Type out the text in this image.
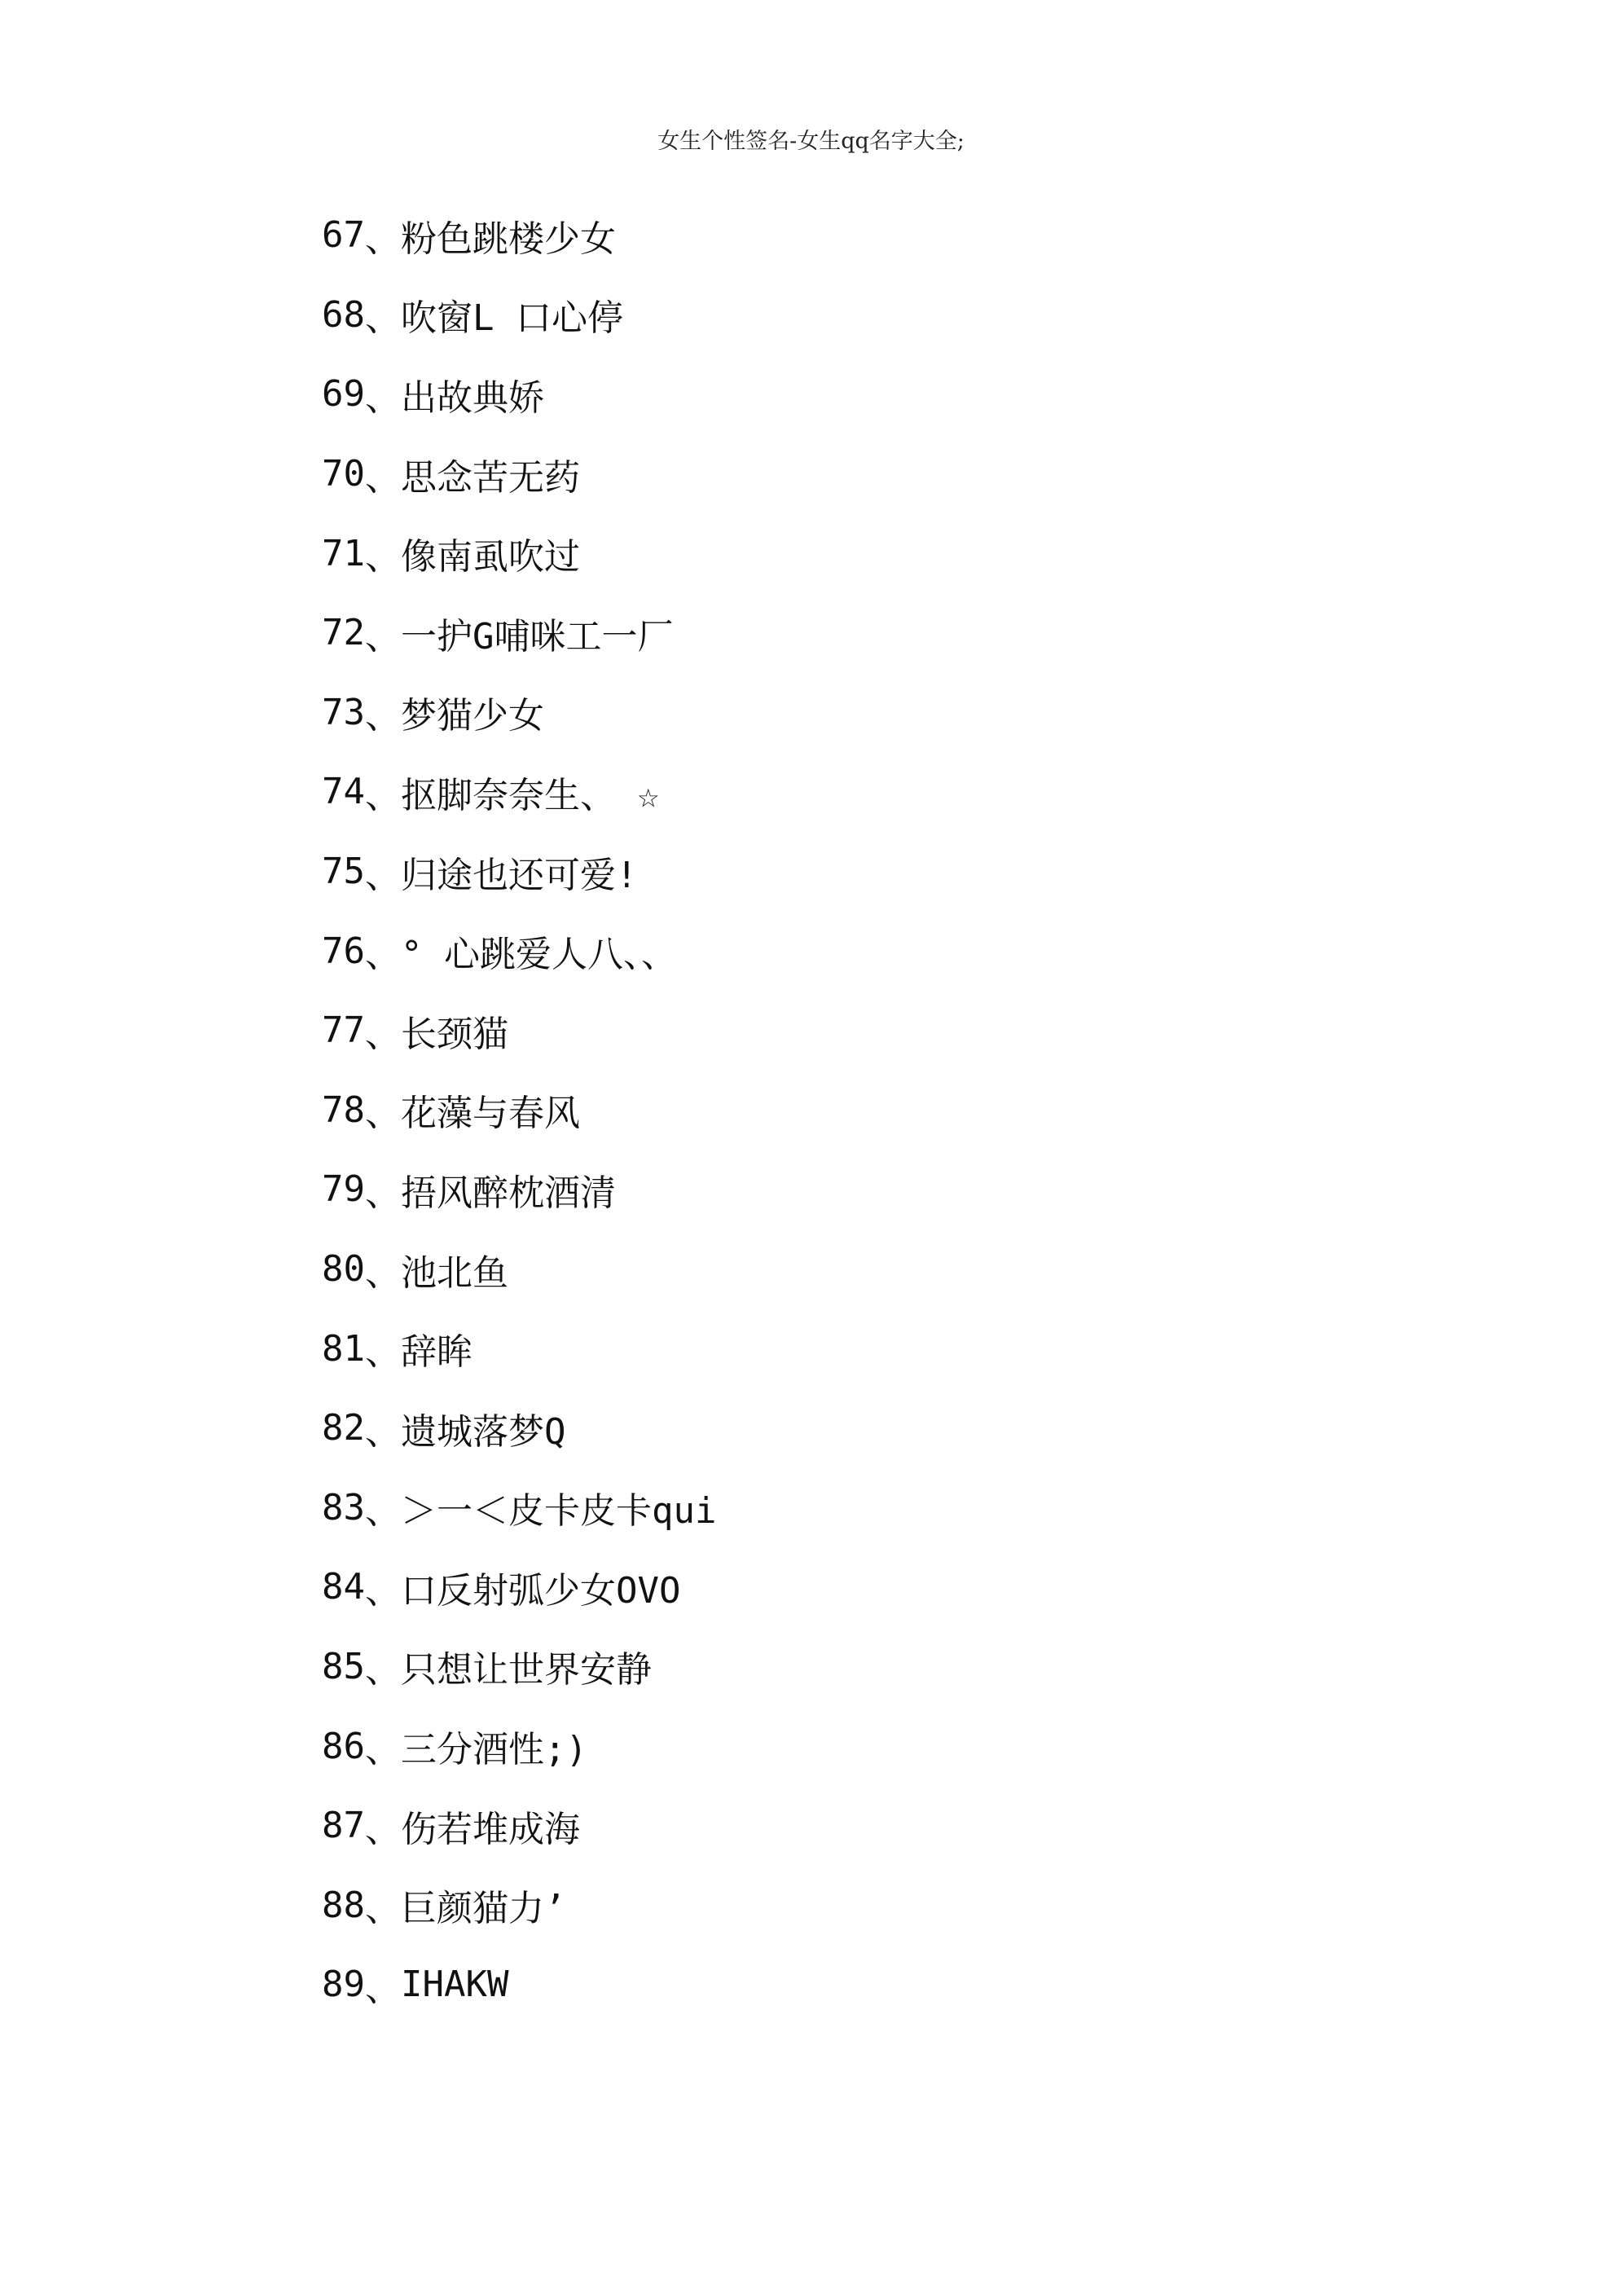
女生个性签名-女生qq名字大全;
67 、 粉色跳楼少女
68 、 吹窗L 口心停
69 、 出故典娇
70 、 思念苦无药
71 、 像南虱吹过
72 、 一护G哺咪工一厂
73 、 梦猫少女
74 、 抠脚奈奈生、 ☆
75 、 归途也还可爱!
76 、 ° 心跳爱人八、、
77 、 长颈猫
78 、 花藻与春风
79 、 捂风醉枕酒清
80 、 池北鱼
81 、 辞眸
82 、 遗城落梦Q
83 、 ＞一＜皮卡皮卡qui
84 、 口反射弧少女OVO
85 、 只想让世界安静
86 、 三分酒性;)
87 、 伤若堆成海
88 、 巨颜猫力’
89 、 IHAKW
